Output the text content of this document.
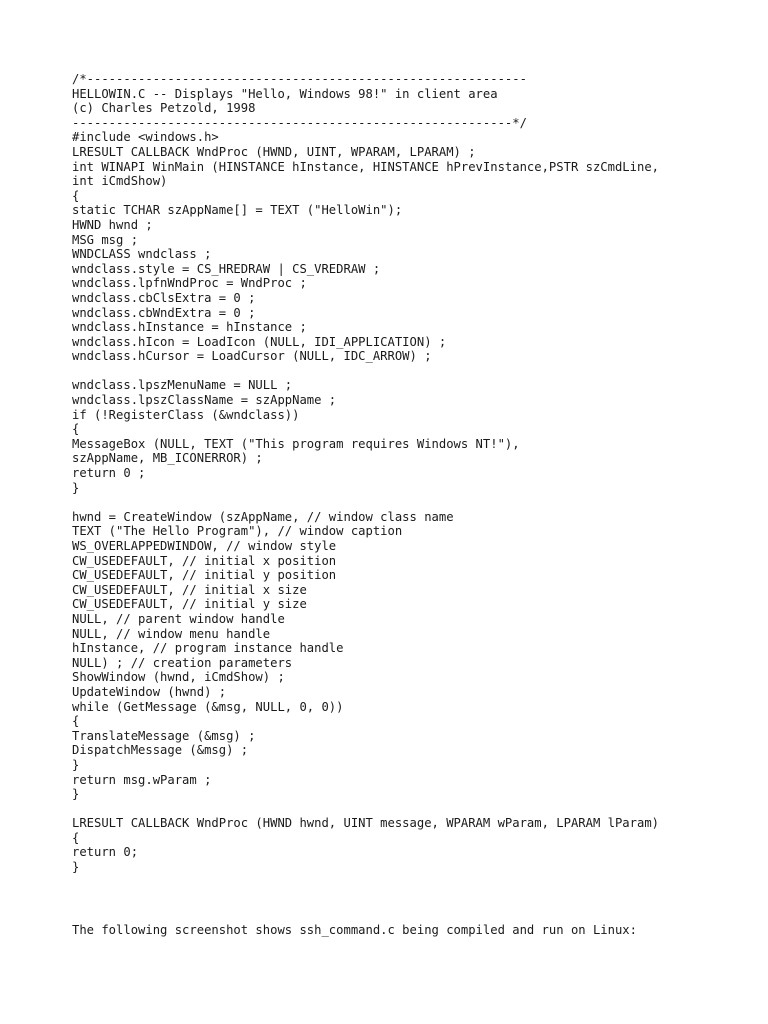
/*------------------------------------------------------------
HELLOWIN.C -- Displays "Hello, Windows 98!" in client area
(c) Charles Petzold, 1998
------------------------------------------------------------*/
#include <windows.h>
LRESULT CALLBACK WndProc (HWND, UINT, WPARAM, LPARAM) ;
int WINAPI WinMain (HINSTANCE hInstance, HINSTANCE hPrevInstance,PSTR szCmdLine,
int iCmdShow)
{
static TCHAR szAppName[] = TEXT ("HelloWin");
HWND hwnd ;
MSG msg ;
WNDCLASS wndclass ;
wndclass.style = CS_HREDRAW | CS_VREDRAW ;
wndclass.lpfnWndProc = WndProc ;
wndclass.cbClsExtra = 0 ;
wndclass.cbWndExtra = 0 ;
wndclass.hInstance = hInstance ;
wndclass.hIcon = LoadIcon (NULL, IDI_APPLICATION) ;
wndclass.hCursor = LoadCursor (NULL, IDC_ARROW) ;
wndclass.lpszMenuName = NULL ;
wndclass.lpszClassName = szAppName ;
if (!RegisterClass (&wndclass))
{
MessageBox (NULL, TEXT ("This program requires Windows NT!"),
szAppName, MB_ICONERROR) ;
return 0 ;
}
hwnd = CreateWindow (szAppName, // window class name
TEXT ("The Hello Program"), // window caption
WS_OVERLAPPEDWINDOW, // window style
CW_USEDEFAULT, // initial x position
CW_USEDEFAULT, // initial y position
CW_USEDEFAULT, // initial x size
CW_USEDEFAULT, // initial y size
NULL, // parent window handle
NULL, // window menu handle
hInstance, // program instance handle
NULL) ; // creation parameters
ShowWindow (hwnd, iCmdShow) ;
UpdateWindow (hwnd) ;
while (GetMessage (&msg, NULL, 0, 0))
{
TranslateMessage (&msg) ;
DispatchMessage (&msg) ;
}
return msg.wParam ;
}
LRESULT CALLBACK WndProc (HWND hwnd, UINT message, WPARAM wParam, LPARAM lParam)
{
return 0;
}
The following screenshot shows ssh_command.c being compiled and run on Linux:
